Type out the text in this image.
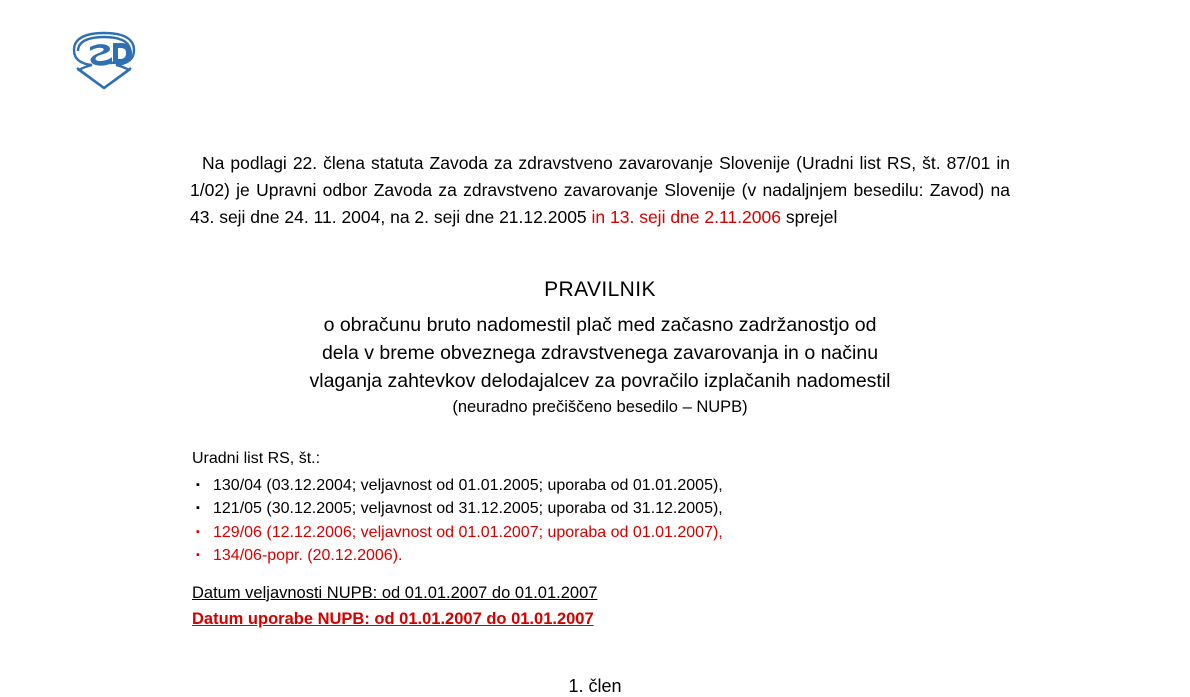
Na podlagi 22. člena statuta Zavoda za zdravstveno zavarovanje Slovenije (Uradni list RS, št. 87/01 in 1/02) je Upravni odbor Zavoda za zdravstveno zavarovanje Slovenije (v nadaljnjem besedilu: Zavod) na 43. seji dne 24. 11. 2004, na 2. seji dne 21.12.2005 in 13. seji dne 2.11.2006 sprejel
PRAVILNIK
o obračunu bruto nadomestil plač med začasno zadržanostjo od
dela v breme obveznega zdravstvenega zavarovanja in o načinu
vlaganja zahtevkov delodajalcev za povračilo izplačanih nadomestil
(neuradno prečiščeno besedilo – NUPB)
Uradni list RS, št.:
▪ 130/04 (03.12.2004; veljavnost od 01.01.2005; uporaba od 01.01.2005),
▪ 121/05 (30.12.2005; veljavnost od 31.12.2005; uporaba od 31.12.2005),
▪ 129/06 (12.12.2006; veljavnost od 01.01.2007; uporaba od 01.01.2007),
▪ 134/06-popr. (20.12.2006).
Datum veljavnosti NUPB: od 01.01.2007 do 01.01.2007
Datum uporabe NUPB: od 01.01.2007 do 01.01.2007
1. člen
